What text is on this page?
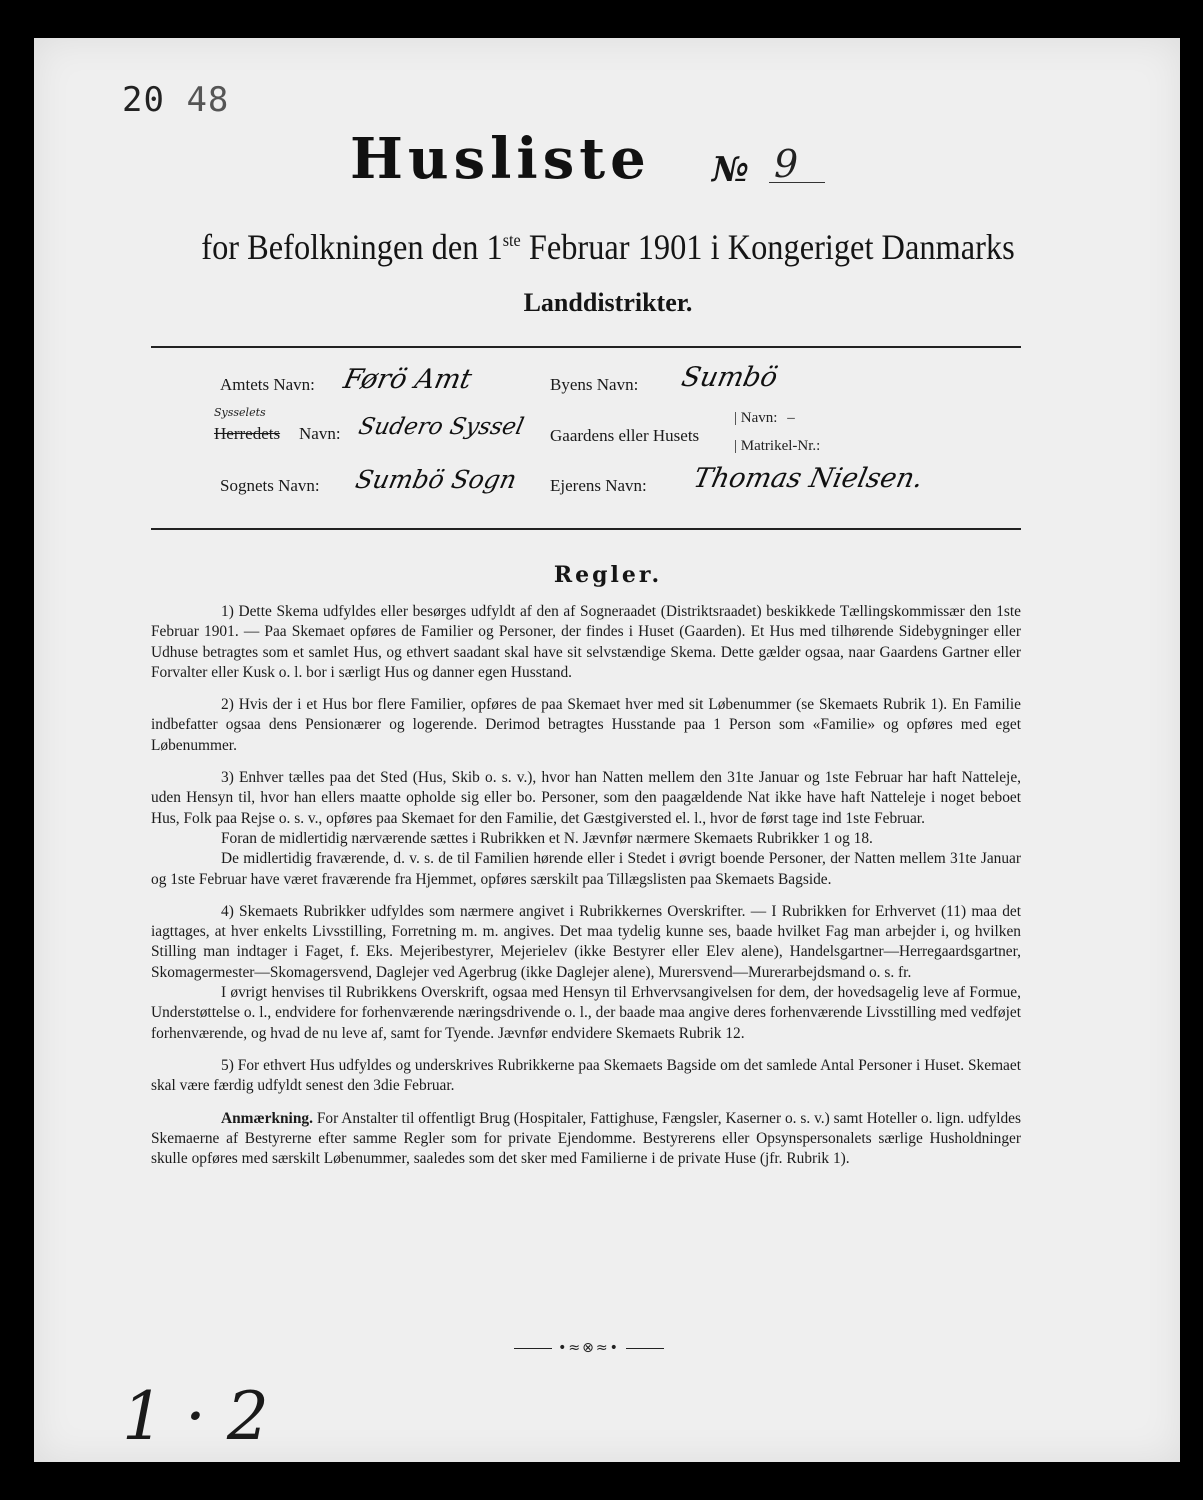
20 48
Husliste № 9
for Befolkningen den 1ste Februar 1901 i Kongeriget Danmarks
Landdistrikter.
Amtets Navn: Førö Amt
Sysselets
Herredets Navn: Sudero Syssel
Sognets Navn: Sumbö Sogn
Byens Navn: Sumbö
Gaardens eller Husets
| Navn: –
| Matrikel-Nr.:
Ejerens Navn: Thomas Nielsen.
Regler.

1) Dette Skema udfyldes eller besørges udfyldt af den af Sogneraadet (Distriktsraadet) beskikkede Tællingskommissær den 1ste Februar 1901. — Paa Skemaet opføres de Familier og Personer, der findes i Huset (Gaarden). Et Hus med tilhørende Sidebygninger eller Udhuse betragtes som et samlet Hus, og ethvert saadant skal have sit selvstændige Skema. Dette gælder ogsaa, naar Gaardens Gartner eller Forvalter eller Kusk o. l. bor i særligt Hus og danner egen Husstand.

2) Hvis der i et Hus bor flere Familier, opføres de paa Skemaet hver med sit Løbenummer (se Skemaets Rubrik 1). En Familie indbefatter ogsaa dens Pensionærer og logerende. Derimod betragtes Husstande paa 1 Person som «Familie» og opføres med eget Løbenummer.

3) Enhver tælles paa det Sted (Hus, Skib o. s. v.), hvor han Natten mellem den 31te Januar og 1ste Februar har haft Natteleje, uden Hensyn til, hvor han ellers maatte opholde sig eller bo. Personer, som den paagældende Nat ikke have haft Natteleje i noget beboet Hus, Folk paa Rejse o. s. v., opføres paa Skemaet for den Familie, det Gæstgiversted el. l., hvor de først tage ind 1ste Februar.

Foran de midlertidig nærværende sættes i Rubrikken et N. Jævnfør nærmere Skemaets Rubrikker 1 og 18.

De midlertidig fraværende, d. v. s. de til Familien hørende eller i Stedet i øvrigt boende Personer, der Natten mellem 31te Januar og 1ste Februar have været fraværende fra Hjemmet, opføres særskilt paa Tillægslisten paa Skemaets Bagside.

4) Skemaets Rubrikker udfyldes som nærmere angivet i Rubrikkernes Overskrifter. — I Rubrikken for Erhvervet (11) maa det iagttages, at hver enkelts Livsstilling, Forretning m. m. angives. Det maa tydelig kunne ses, baade hvilket Fag man arbejder i, og hvilken Stilling man indtager i Faget, f. Eks. Mejeribestyrer, Mejerielev (ikke Bestyrer eller Elev alene), Handelsgartner—Herregaardsgartner, Skomagermester—Skomagersvend, Daglejer ved Agerbrug (ikke Daglejer alene), Murersvend—Murerarbejdsmand o. s. fr.

I øvrigt henvises til Rubrikkens Overskrift, ogsaa med Hensyn til Erhvervsangivelsen for dem, der hovedsagelig leve af Formue, Understøttelse o. l., endvidere for forhenværende næringsdrivende o. l., der baade maa angive deres forhenværende Livsstilling med vedføjet forhenværende, og hvad de nu leve af, samt for Tyende. Jævnfør endvidere Skemaets Rubrik 12.

5) For ethvert Hus udfyldes og underskrives Rubrikkerne paa Skemaets Bagside om det samlede Antal Personer i Huset. Skemaet skal være færdig udfyldt senest den 3die Februar.

Anmærkning. For Anstalter til offentligt Brug (Hospitaler, Fattighuse, Fængsler, Kaserner o. s. v.) samt Hoteller o. lign. udfyldes Skemaerne af Bestyrerne efter samme Regler som for private Ejendomme. Bestyrerens eller Opsynspersonalets særlige Husholdninger skulle opføres med særskilt Løbenummer, saaledes som det sker med Familierne i de private Huse (jfr. Rubrik 1).

•≈⊗≈•
1 · 2
